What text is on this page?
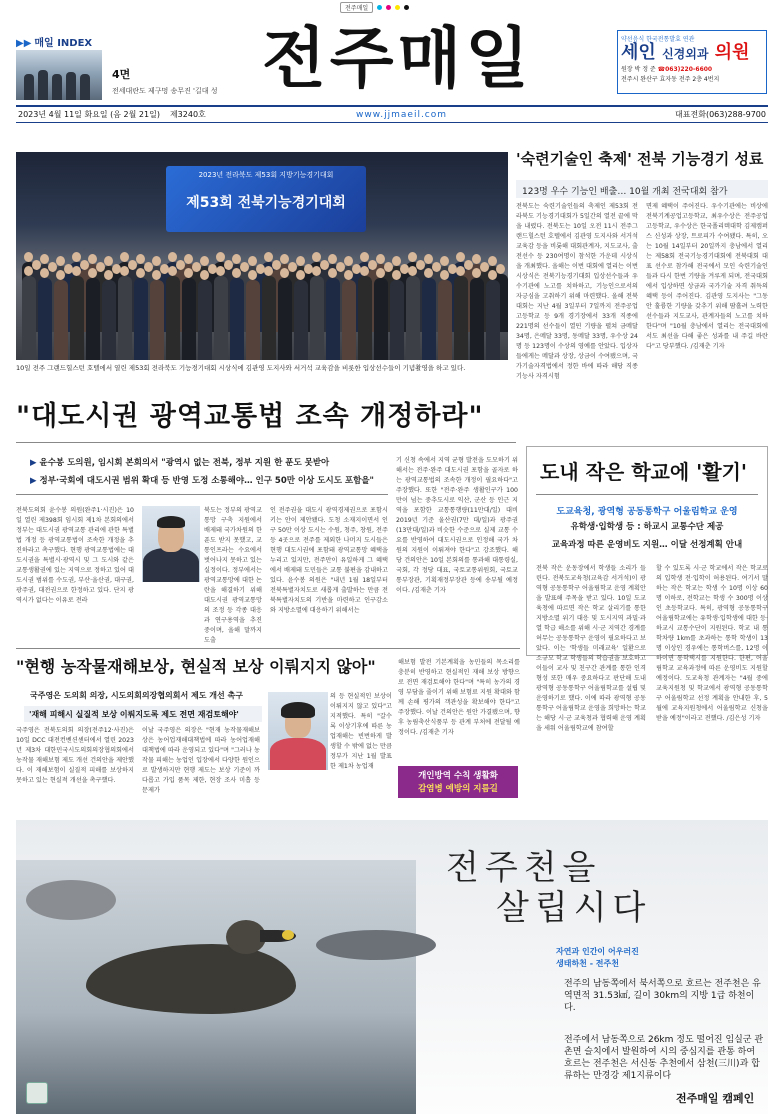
전주매일
▶▶ 매일 INDEX
4면
전세대란도 제구멍 송무진 '길대 성 전주매일	약선음식 한국전통발효 연관
세인 신경외과 의원
원장 박 정 준 ☎063)220-6600
전주시 완산구 효자동 전주 2층 4번지
2023년 4월 11일 화요일 (음 2월 21일) 제3240호	www.jjmaeil.com	대표전화(063)288-9700
2023년 전라북도 제53회 지방기능경기대회
제53회 전북기능경기대회
10일 전주 그랜드힐스턴 호텔에서 열린 제53회 전라북도 기능경기대회 시상식에 김관영 도지사와 서거석 교육감을 비롯한 입상선수들이 기념촬영을 하고 있다.
'숙련기술인 축제' 전북 기능경기 성료
123명 우수 기능인 배출… 10월 개최 전국대회 참가
전북도는 숙련기술인들의 축제인 제53회 전라북도 기능경기대회가 5일간의 열전 끝에 막을 내렸다. 전북도는 10일 오전 11시 전주그랜드힐스턴 호텔에서 김관영 도지사와 서거석 교육감 등을 비롯해 대회관계자, 지도교사, 출전선수 등 230여명이 참석한 가운데 시상식을 개최했다. 올해는 이번 대회에 열리는 이번 시상식은 전북기능경기대회 입상선수들과 우수기관에 노고를 치하하고, 기능인으로서의 자긍심을 고취하기 위해 마련했다. 올해 전북대회는 지난 4월 3일부터 7일까지 전주공업고등학교 등 9개 경기장에서 33개 직종에 221명의 선수들이 열띤 기량을 펼쳐 금메달 34명, 은메달 33명, 동메달 33명, 우수상 24명 등 123명이 수상의 영예를 안았다. 입상자들에게는 메달과 상장, 상금이 수여됐으며, 국가기술자격법에서 정한 바에 따라 해당 직종 기능사 자격시험
면제 혜택이 주어진다. 우수기관에는 비상에 전북기계공업고등학교, 최우수상은 전주공업고등학교, 우수상은 한국폴리텍대학 김제캠퍼스 신성과 상장, 트로피가 수여됐다. 특히, 오는 10월 14일부터 20일까지 충남에서 열리는 제58회 전국기능경기대회에 전북대회 대표 선수로 참가해 전국에서 모인 숙련기술인들과 다시 한번 기량을 겨루게 되며, 전국대회에서 입상하면 상금과 국가기술 자격 취득의 혜택 등이 주어진다. 김관영 도지사는 "그동안 훌륭한 기량을 갖추기 위해 땀흘려 노력한 선수들과 지도교사, 관계자들의 노고를 치하한다"며 "10월 충남에서 열리는 전국대회에서도 최선을 다해 좋은 성과를 내 주길 바란다"고 당부했다. /김재춘 기자
"대도시권 광역교통법 조속 개정하라"
▶ 윤수봉 도의원, 임시회 본회의서 "광역시 없는 전북, 정부 지원 한 푼도 못받아
▶ 정부·국회에 대도시권 범위 확대 등 반영 도정 소통해야… 인구 50만 이상 도시도 포함을"
전북도의회 윤수봉 의원(완주1·시진)은 10일 열린 제398회 임시회 제1차 본회의에서 정부는 대도시권 광역교통 관리에 관한 특별법 개정 등 광역교통법이 조속한 개정을 추진하라고 촉구했다. 현행 광역교통법에는 대도시권을 특별시·광역시 및 그 도시와 같은 교통생활권에 있는 지역으로 정하고 있어 대도시권 범위를 수도권, 부산·울산권, 대구권, 광주권, 대전권으로 한정하고 있다. 단지 광역시가 없다는 이유로 전라
북도는 정부의 광역교통망 구축 지원에서 배제돼 국가차원의 한 푼도 받지 못했고, 교통인프라는 수요에서 벗어나지 못하고 있는 실정이다. 정부에서는 광역교통망에 대한 논란을 해결하기 위해 대도시권 광역교통망의 조정 등 각종 대응과 연구용역을 추진 중이며, 올해 말까지 도출
인 전주권을 대도시 광역경제권으로 포함시키는 안이 제안됐다. 도청 소재지이면서 인구 50만 이상 도시는 수원, 청주, 창원, 전주 등 4곳으로 전주를 제외한 나머지 도시들은 현행 대도시권에 포함돼 광역교통망 혜택을 누리고 있지만, 전주만이 유일하게 그 혜택에서 배제돼 도민들은 교통 불편을 감내하고 있다. 윤수봉 의원은 "내년 1월 18일부터 전북특별자치도로 새롭게 출발하는 만큼 전북특별자치도의 기반을 마련하고 인구감소와 지방소멸에 대응하기 위해서는
기 신청 속에서 지역 균형 발전을 도모하기 위해서는 전주·완주 대도시권 포함을 골자로 하는 광역교통법의 조속한 개정이 필요하다"고 주장했다. 또한 "전주·완주 생활인구가 100만이 넘는 중추도시로 익산, 군산 등 인근 지역을 포함한 교통통행량(11만대/일) 대비 2019년 기준 울산권(7만 대/일)과 광주권(13만대/일)과 비슷한 수준으로 실제 교통 수요를 반영하여 대도시권으로 인정해 국가 차원의 지원이 이뤄져야 한다"고 강조했다. 해당 건의안은 10일 본회의를 통과해 대통령실, 국회, 각 정당 대표, 국토교통위원회, 국토교통부장관, 기획재정부장관 등에 송부될 예정이다. /김재춘 기자
도내 작은 학교에 '활기'
도교육청, 광역형 공동통학구 어울림학교 운영
유학생·입학생 등 : 하교시 교통수단 제공
교육과정 따른 운영비도 지원… 이달 선정계획 안내
전북 작은 운동장에서 학생들 소리가 들린다. 전북도교육청(교육감 서거석)이 광역형 공동통학구 어울림학교 운영 계획안을 발표해 주목을 받고 있다. 10일 도교육청에 따르면 작은 학교 살리기를 통한 지방소멸 위기 대응 및 도시지역 과밀·과열 학급 해소를 위해 시·군 지역간 경계를 허무는 공동통학구 운영이 필요하다고 보았다. 이는 '학생들 미래교육' 일환으로 소규모 학교 학생들의 학습권을 보호하고 이들이 교사 및 친구간 관계를 통한 인격 형성 또한 매우 중요하다고 판단해 도내 광역형 공동통학구 어울림학교를 설립 및 운영하기로 했다. 이에 따라 광역형 공동통학구 어울림학교 운영을 희망하는 학교는 해당 시·군 교육청과 협력해 운영 계획을 세워 어울림학교에 참여할
할 수 있도록 시·군 학교에서 작은 학교로의 입학생 전·입학이 허용된다. 여기서 말하는 작은 학교는 학생 수 10명 이상 60명 이하로, 전학교는 학생 수 300명 이상인 초등학교다. 특히, 광역형 공동통학구 어울림학교에는 유학생·입학생에 대한 등·하교시 교통수단이 지원된다. 학교 내 통학차량 1km를 초과하는 통학 학생이 13명 이상인 경우에는 통학버스를, 12명 이하이면 통학택시를 지원한다. 한편, 어울림학교 교육과정에 따른 운영비도 지원할 예정이다. 도교육청 관계자는 "4월 중에 교육지원청 및 학교에서 광역형 공동통학구 어울림학교 선정 계획을 안내한 후, 5월에 교육지원청에서 어울림학교 신청을 받을 예정"이라고 전했다. /김은성 기자
"현행 농작물재해보상, 현실적 보상 이뤄지지 않아"
국주영은 도의회 의장, 시도의회의장협의회서 제도 개선 촉구
'재해 피해시 실질적 보상 이뤄지도록 제도 전면 재검토해야'
국주영은 전북도의회 의장(전주12·사진)은 10일 DCC 대전컨벤션센터에서 열린 2023년 제3차 대한민국시도의회의장협의회에서 농작물 재해보험 제도 개선 건의안을 제안했다. 이 재해보험이 실질적 피해를 보상하지 못하고 있는 현실적 개선을 촉구했다.
이날 국주영은 의장은 "현재 농작물재해보상은 농어업재해대책법에 따라 농어업재해대책법에 따라 운영되고 있다"며 "그러나 농작물 피해는 농업인 입장에서 다양한 원인으로 발생하지만 현행 제도는 보상 기준이 까다롭고 가입 품목 제한, 현장 조사 미흡 등 문제가
의 등 현실적인 보상이 이뤄지지 않고 있다"고 지적했다. 특히 "갈수록 이상기후에 따른 농업재해는 빈번하게 발생할 수 밖에 없는 만큼 정부가 지난 1월 발표한 제1차 농업재
해보험 발전 기본계획을 농민들의 목소리를 충분히 반영하고 현실적인 재해 보상 방향으로 전면 재검토해야 한다"며 "특히 농가의 경영 부담을 줄이기 위해 보험료 지원 확대와 함께 손해 평가의 객관성을 확보해야 한다"고 주장했다. 이날 건의안은 원안 가결됐으며, 향후 농림축산식품부 등 관계 부처에 전달될 예정이다. /김재춘 기자
개인방역 수칙 생활화
감염병 예방의 지름길
전주천을
살립시다
자연과 인간이 어우러진
생태하천 - 전주천
전주의 남동쪽에서 북서쪽으로 흐르는 전주천은 유역면적 31.53㎢, 길이 30km의 지방 1급 하천이다.
전주에서 남동쪽으로 26km 정도 떨어진 임실군 관촌면 슬치에서 발원하여 시의 중심지를 관통 하여 흐르는 전주천은 서신동 추천에서 삼천(三川)과 합류하는 만경강 제1지류이다
전주매일 캠페인
